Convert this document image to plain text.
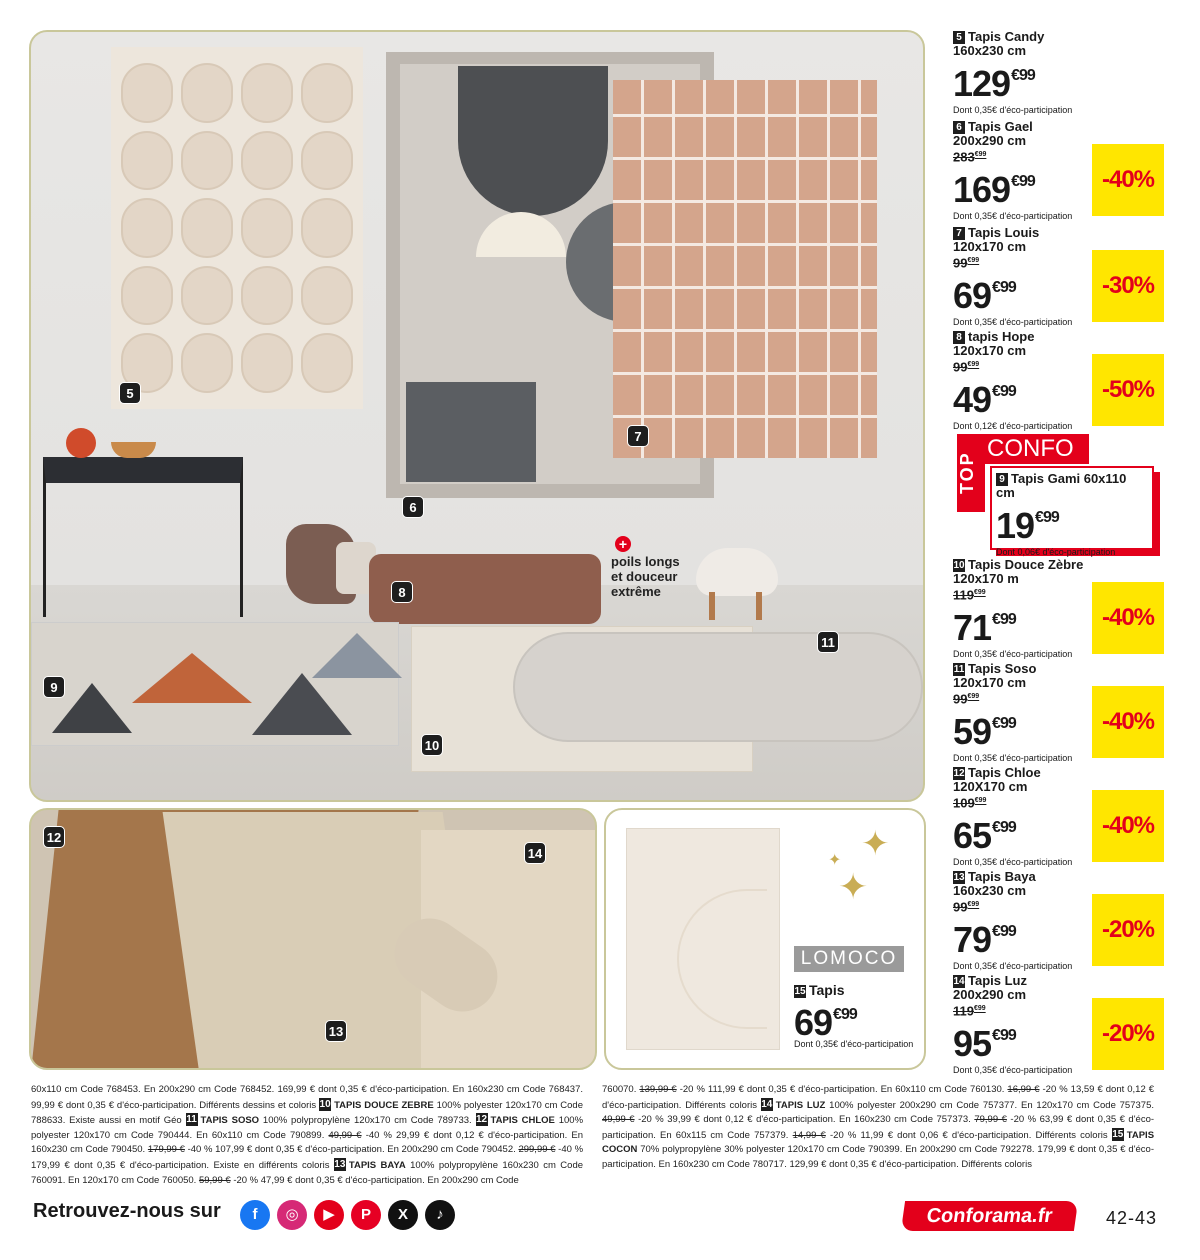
+
poils longs
et douceur
extrême
5
6
7
8
9
10
11
12
13
14	✦
✦
✦
LOMOCO
15 Tapis
$69^{€99}$
Dont 0,35€ d'éco-participation
5 Tapis Candy
160x230 cm
$129^{€99}$
Dont 0,35€ d'éco-participation
6 Tapis Gael
200x290 cm
$283^{€99}$
$169^{€99}$
Dont 0,35€ d'éco-participation
-40%
7 Tapis Louis
120x170 cm
$99^{€99}$
$69^{€99}$
Dont 0,35€ d'éco-participation
-30%
8 tapis Hope
120x170 cm
$99^{€99}$
$49^{€99}$
Dont 0,12€ d'éco-participation
-50%
TOP
CONFO
9 Tapis Gami 60x110 cm
$19^{€99}$
Dont 0,06€ d'éco-participation
10 Tapis Douce Zèbre
120x170 m
$119^{€99}$
$71^{€99}$
Dont 0,35€ d'éco-participation
-40%
11 Tapis Soso
120x170 cm
$99^{€99}$
$59^{€99}$
Dont 0,35€ d'éco-participation
-40%
12 Tapis Chloe
120X170 cm
$109^{€99}$
$65^{€99}$
Dont 0,35€ d'éco-participation
-40%
13 Tapis Baya
160x230 cm
$99^{€99}$
$79^{€99}$
Dont 0,35€ d'éco-participation
-20%
14 Tapis Luz
200x290 cm
$119^{€99}$
$95^{€99}$
Dont 0,35€ d'éco-participation
-20%
60x110 cm Code 768453. En 200x290 cm Code 768452. 169,99 € dont 0,35 € d'éco-participation. En 160x230 cm Code 768437. 99,99 € dont 0,35 € d'éco-participation. Différents dessins et coloris 10 TAPIS DOUCE ZEBRE 100% polyester 120x170 cm Code 788633. Existe aussi en motif Géo 11 TAPIS SOSO 100% polypropylène 120x170 cm Code 789733. 12 TAPIS CHLOE 100% polyester 120x170 cm Code 790444. En 60x110 cm Code 790899. 49,99 € -40 % 29,99 € dont 0,12 € d'éco-participation. En 160x230 cm Code 790450. 179,99 € -40 % 107,99 € dont 0,35 € d'éco-participation. En 200x290 cm Code 790452. 299,99 € -40 % 179,99 € dont 0,35 € d'éco-participation. Existe en différents coloris 13 TAPIS BAYA 100% polypropylène 160x230 cm Code 760091. En 120x170 cm Code 760050. 59,99 € -20 % 47,99 € dont 0,35 € d'éco-participation. En 200x290 cm Code
760070. 139,99 € -20 % 111,99 € dont 0,35 € d'éco-participation. En 60x110 cm Code 760130. 16,99 € -20 % 13,59 € dont 0,12 € d'éco-participation. Différents coloris 14 TAPIS LUZ 100% polyester 200x290 cm Code 757377. En 120x170 cm Code 757375. 49,99 € -20 % 39,99 € dont 0,12 € d'éco-participation. En 160x230 cm Code 757373. 79,99 € -20 % 63,99 € dont 0,35 € d'éco-participation. En 60x115 cm Code 757379. 14,99 € -20 % 11,99 € dont 0,06 € d'éco-participation. Différents coloris 15 TAPIS COCON 70% polypropylène 30% polyester 120x170 cm Code 790399. En 200x290 cm Code 792278. 179,99 € dont 0,35 € d'éco-participation. En 160x230 cm Code 780717. 129,99 € dont 0,35 € d'éco-participation. Différents coloris
Retrouvez-nous sur	f	◎	▶	P	X	♪	Conforama.fr	42-43
